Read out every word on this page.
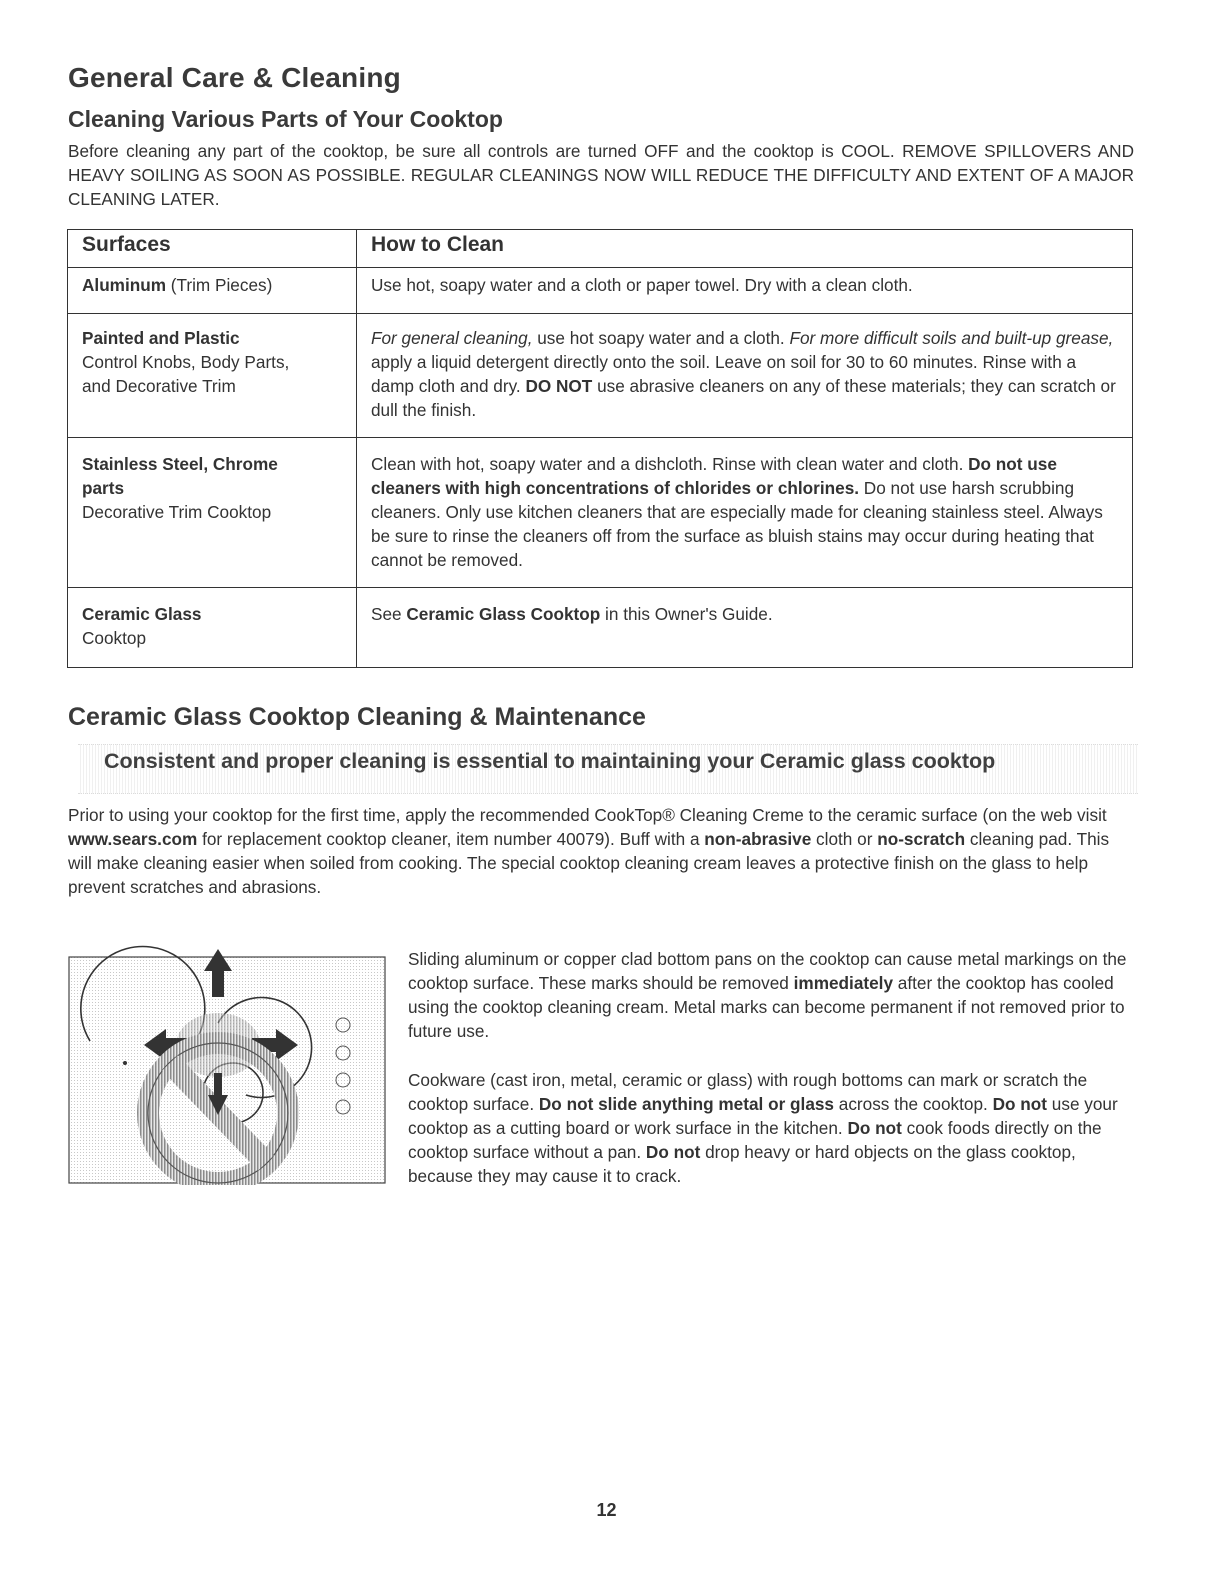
General Care & Cleaning
Cleaning Various Parts of Your Cooktop

Before cleaning any part of the cooktop, be sure all controls are turned OFF and the cooktop is COOL. REMOVE SPILLOVERS AND HEAVY SOILING AS SOON AS POSSIBLE. REGULAR CLEANINGS NOW WILL REDUCE THE DIFFICULTY AND EXTENT OF A MAJOR CLEANING LATER.

Surfaces	How to Clean
Aluminum (Trim Pieces)	Use hot, soapy water and a cloth or paper towel. Dry with a clean cloth.

Painted and Plastic
Control Knobs, Body Parts, and Decorative Trim	For general cleaning, use hot soapy water and a cloth. For more difficult soils and built-up grease, apply a liquid detergent directly onto the soil. Leave on soil for 30 to 60 minutes. Rinse with a damp cloth and dry. DO NOT use abrasive cleaners on any of these materials; they can scratch or dull the finish.

Stainless Steel, Chrome parts
Decorative Trim Cooktop	Clean with hot, soapy water and a dishcloth. Rinse with clean water and cloth. Do not use cleaners with high concentrations of chlorides or chlorines. Do not use harsh scrubbing cleaners. Only use kitchen cleaners that are especially made for cleaning stainless steel. Always be sure to rinse the cleaners off from the surface as bluish stains may occur during heating that cannot be removed.

Ceramic Glass
Cooktop	See Ceramic Glass Cooktop in this Owner's Guide.
Ceramic Glass Cooktop Cleaning & Maintenance

Consistent and proper cleaning is essential to maintaining your Ceramic glass cooktop

Prior to using your cooktop for the first time, apply the recommended CookTop® Cleaning Creme to the ceramic surface (on the web visit www.sears.com for replacement cooktop cleaner, item number 40079). Buff with a non-abrasive cloth or no-scratch cleaning pad. This will make cleaning easier when soiled from cooking. The special cooktop cleaning cream leaves a protective finish on the glass to help prevent scratches and abrasions.

Sliding aluminum or copper clad bottom pans on the cooktop can cause metal markings on the cooktop surface. These marks should be removed immediately after the cooktop has cooled using the cooktop cleaning cream. Metal marks can become permanent if not removed prior to future use.

Cookware (cast iron, metal, ceramic or glass) with rough bottoms can mark or scratch the cooktop surface. Do not slide anything metal or glass across the cooktop. Do not use your cooktop as a cutting board or work surface in the kitchen. Do not cook foods directly on the cooktop surface without a pan. Do not drop heavy or hard objects on the glass cooktop, because they may cause it to crack.

12
